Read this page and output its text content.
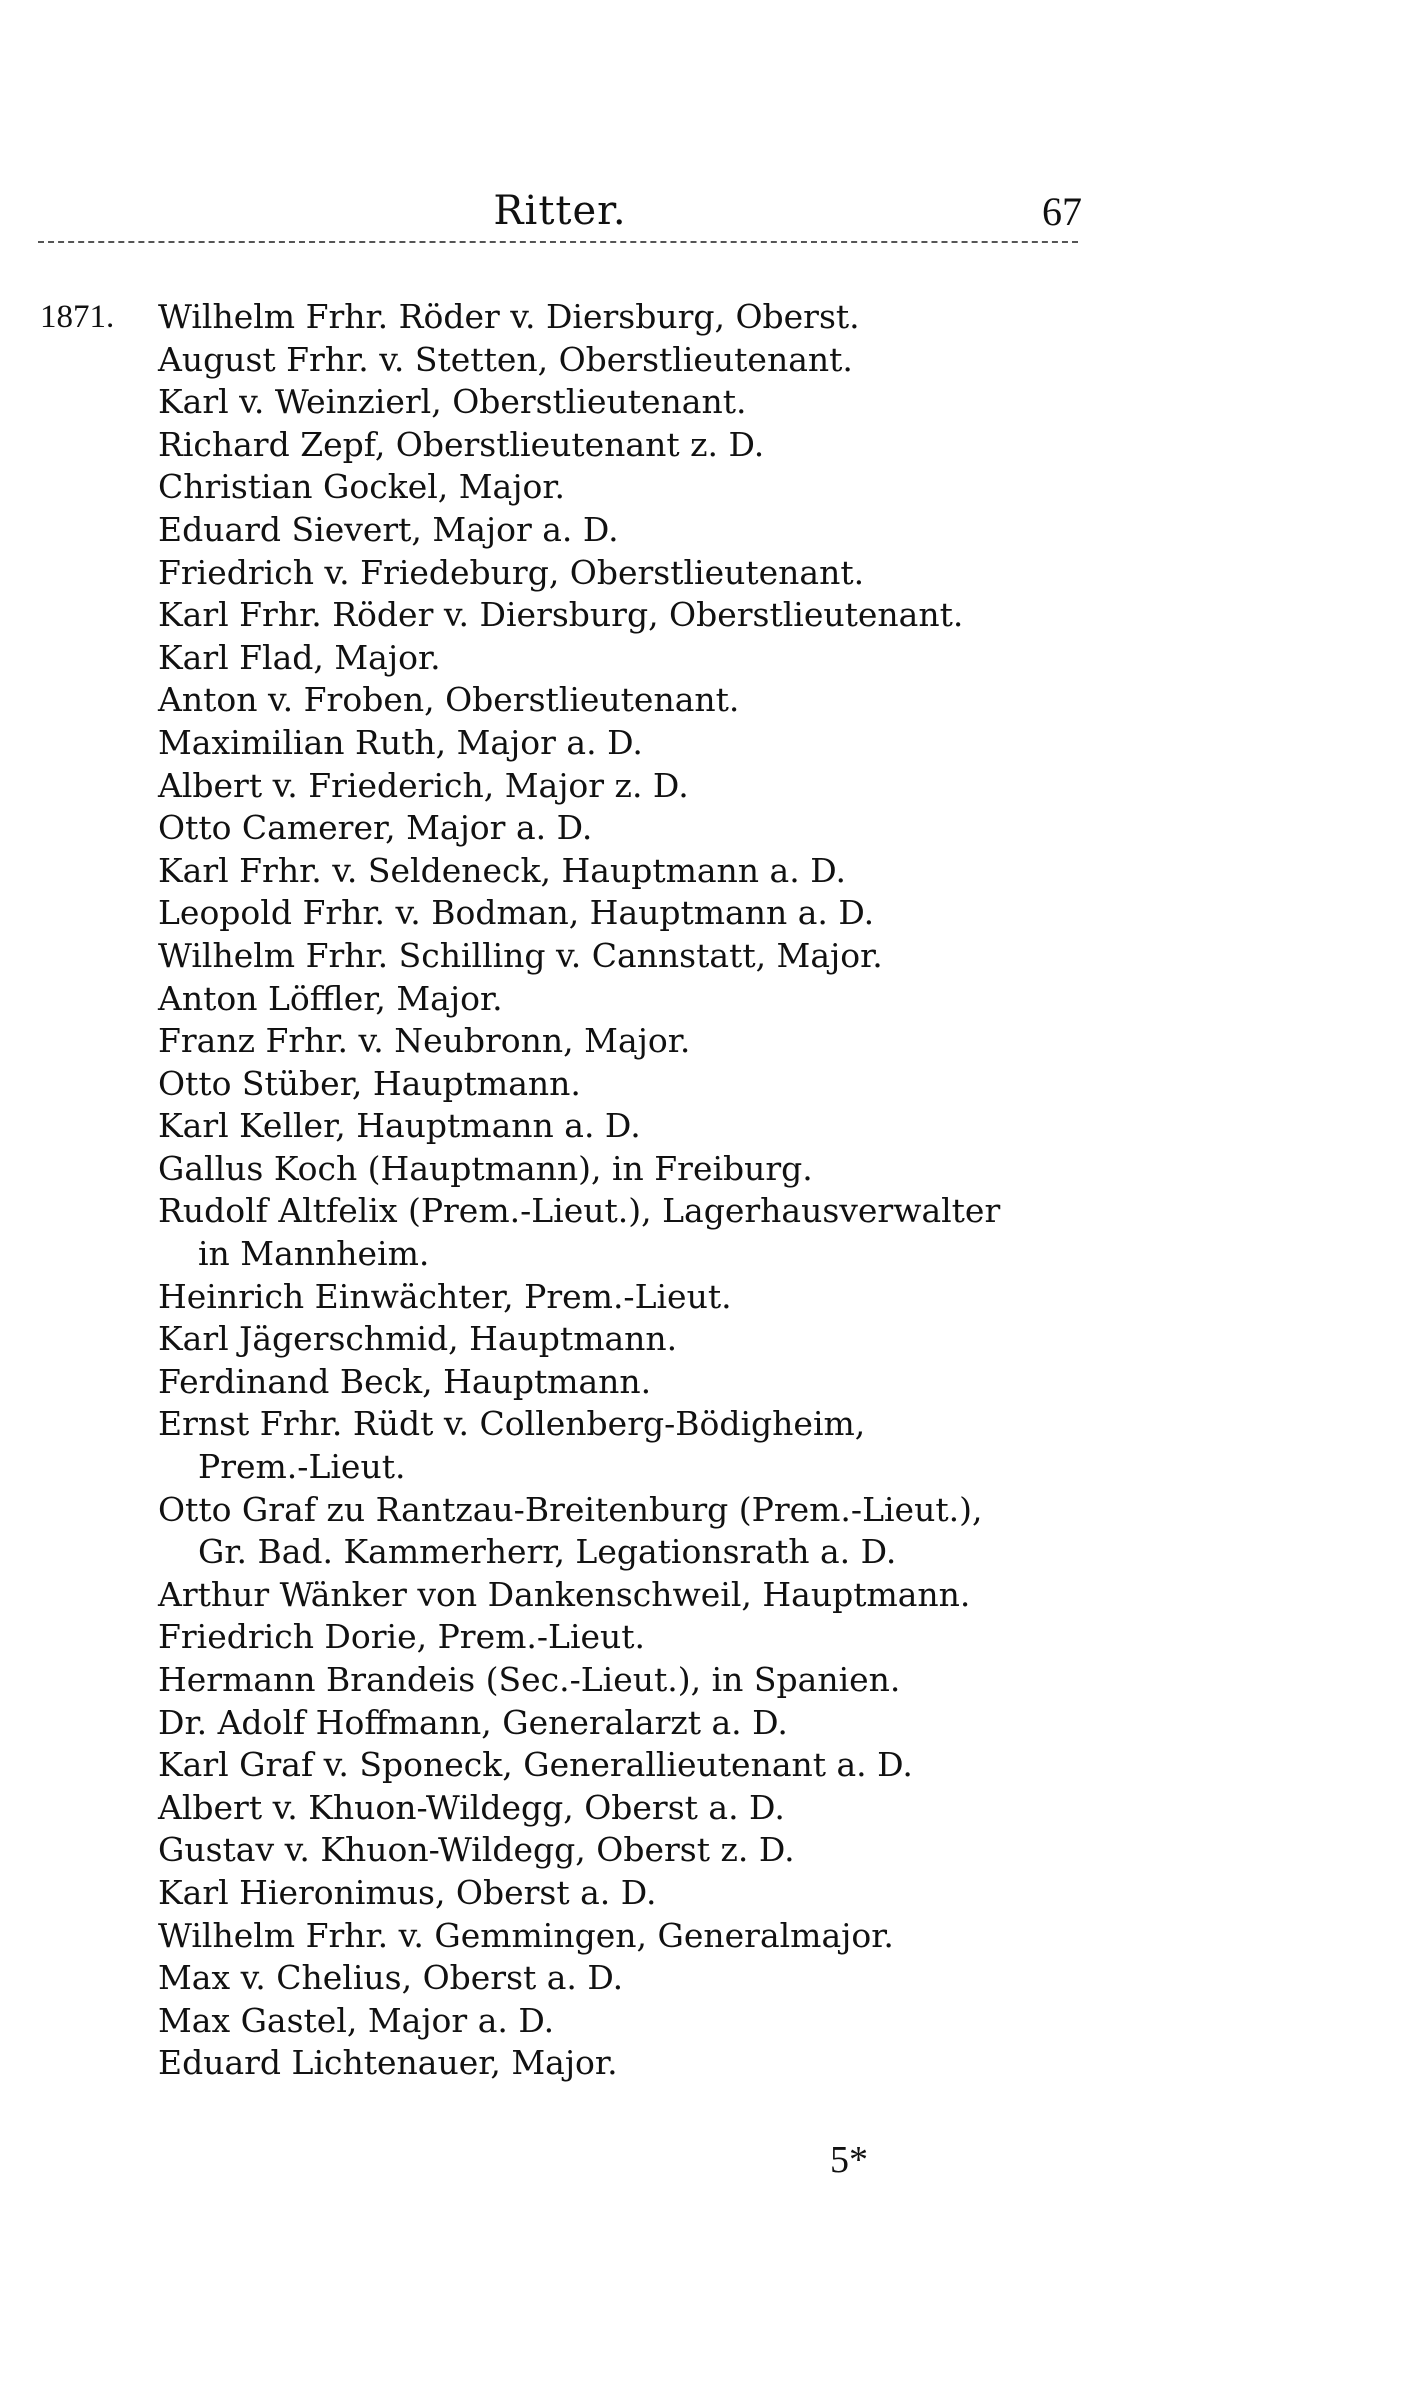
Ritter.	67
1871. Wilhelm Frhr. Röder v. Diersburg, Oberst.
August Frhr. v. Stetten, Oberstlieutenant.
Karl v. Weinzierl, Oberstlieutenant.
Richard Zepf, Oberstlieutenant z. D.
Christian Gockel, Major.
Eduard Sievert, Major a. D.
Friedrich v. Friedeburg, Oberstlieutenant.
Karl Frhr. Röder v. Diersburg, Oberstlieutenant.
Karl Flad, Major.
Anton v. Froben, Oberstlieutenant.
Maximilian Ruth, Major a. D.
Albert v. Friederich, Major z. D.
Otto Camerer, Major a. D.
Karl Frhr. v. Seldeneck, Hauptmann a. D.
Leopold Frhr. v. Bodman, Hauptmann a. D.
Wilhelm Frhr. Schilling v. Cannstatt, Major.
Anton Löffler, Major.
Franz Frhr. v. Neubronn, Major.
Otto Stüber, Hauptmann.
Karl Keller, Hauptmann a. D.
Gallus Koch (Hauptmann), in Freiburg.
Rudolf Altfelix (Prem.-Lieut.), Lagerhausverwalter
in Mannheim.
Heinrich Einwächter, Prem.-Lieut.
Karl Jägerschmid, Hauptmann.
Ferdinand Beck, Hauptmann.
Ernst Frhr. Rüdt v. Collenberg-Bödigheim,
Prem.-Lieut.
Otto Graf zu Rantzau-Breitenburg (Prem.-Lieut.),
Gr. Bad. Kammerherr, Legationsrath a. D.
Arthur Wänker von Dankenschweil, Hauptmann.
Friedrich Dorie, Prem.-Lieut.
Hermann Brandeis (Sec.-Lieut.), in Spanien.
Dr. Adolf Hoffmann, Generalarzt a. D.
Karl Graf v. Sponeck, Generallieutenant a. D.
Albert v. Khuon-Wildegg, Oberst a. D.
Gustav v. Khuon-Wildegg, Oberst z. D.
Karl Hieronimus, Oberst a. D.
Wilhelm Frhr. v. Gemmingen, Generalmajor.
Max v. Chelius, Oberst a. D.
Max Gastel, Major a. D.
Eduard Lichtenauer, Major.
5*
